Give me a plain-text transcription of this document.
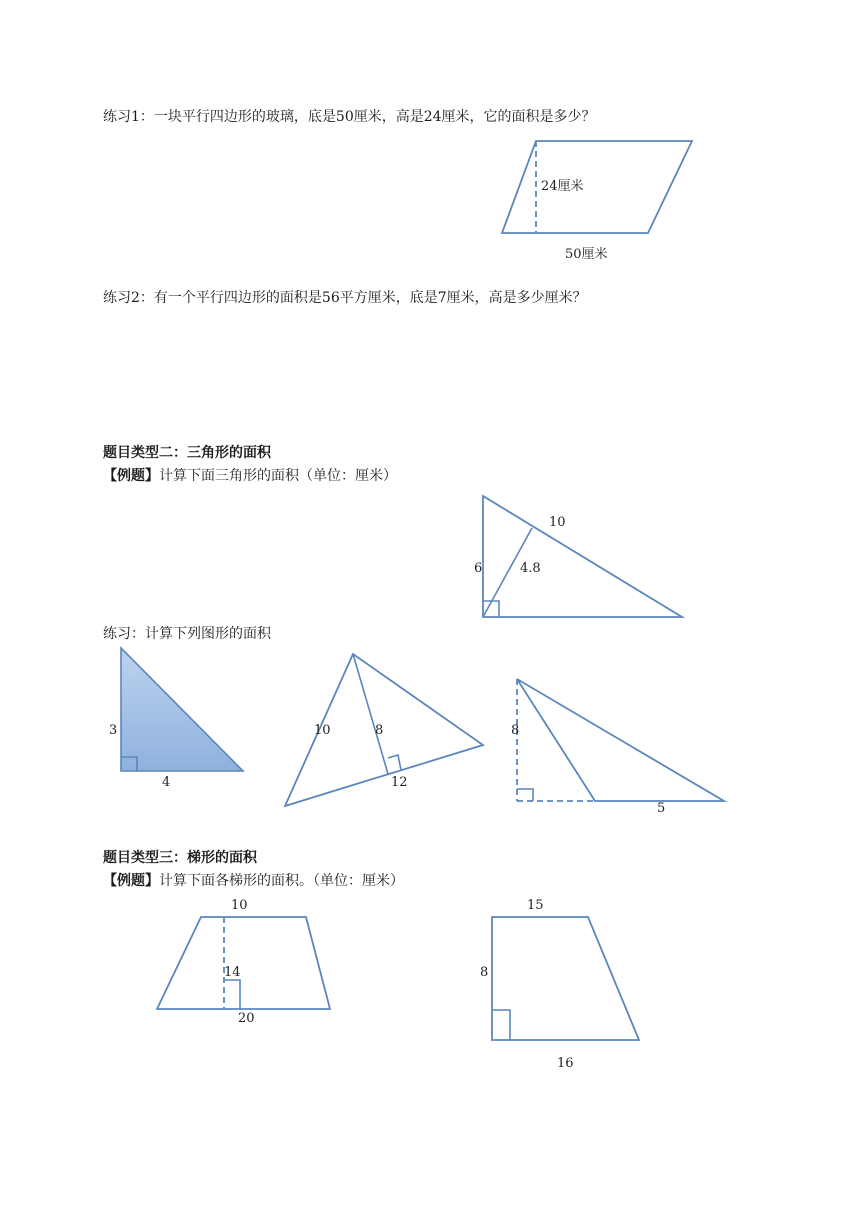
练习1：一块平行四边形的玻璃，底是50厘米，高是24厘米，它的面积是多少？
练习2：有一个平行四边形的面积是56平方厘米，底是7厘米，高是多少厘米？
题目类型二：三角形的面积
【例题】计算下面三角形的面积（单位：厘米）
练习：计算下列图形的面积
题目类型三：梯形的面积
【例题】计算下面各梯形的面积。（单位：厘米）
24厘米
50厘米
10
6	4.8
3
4
10	8
12
8
5
10
14
20
15
8
16
